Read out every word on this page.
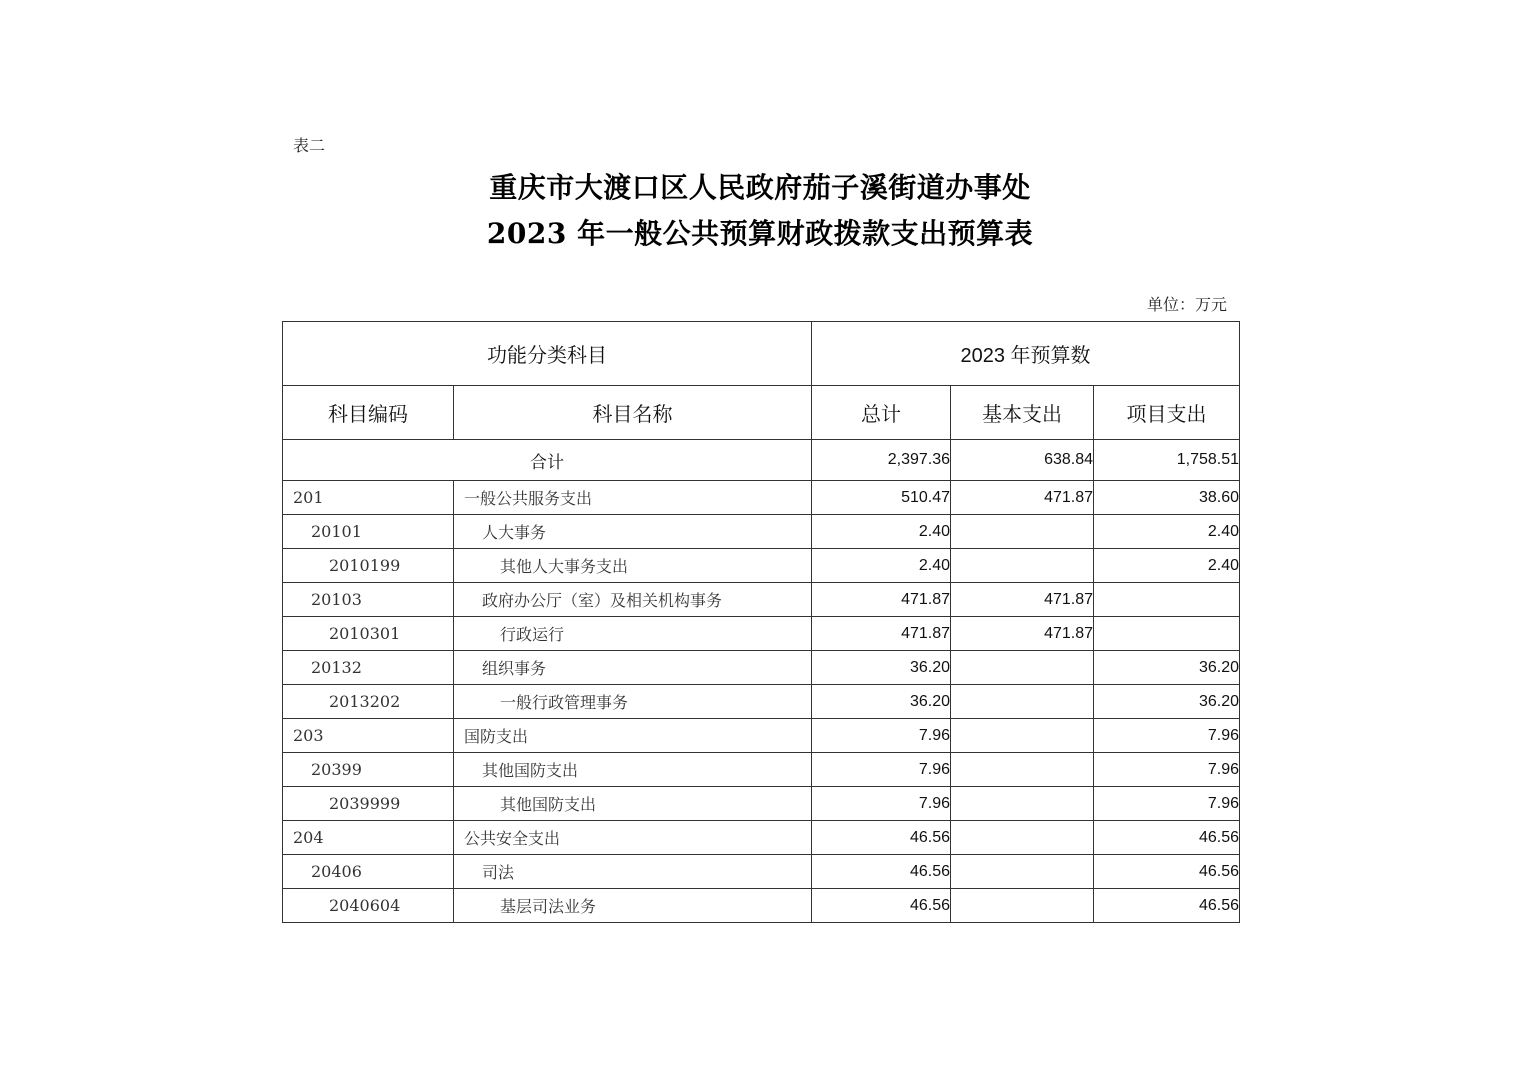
表二
重庆市大渡口区人民政府茄子溪街道办事处
2023 年一般公共预算财政拨款支出预算表
单位：万元
功能分类科目		2023 年预算数		
科目编码	科目名称	总计	基本支出	项目支出
合计		2,397.36	638.84	1,758.51
201	一般公共服务支出	510.47	471.87	38.60
20101	人大事务	2.40		2.40
2010199	其他人大事务支出	2.40		2.40
20103	政府办公厅（室）及相关机构事务	471.87	471.87	
2010301	行政运行	471.87	471.87	
20132	组织事务	36.20		36.20
2013202	一般行政管理事务	36.20		36.20
203	国防支出	7.96		7.96
20399	其他国防支出	7.96		7.96
2039999	其他国防支出	7.96		7.96
204	公共安全支出	46.56		46.56
20406	司法	46.56		46.56
2040604	基层司法业务	46.56		46.56
